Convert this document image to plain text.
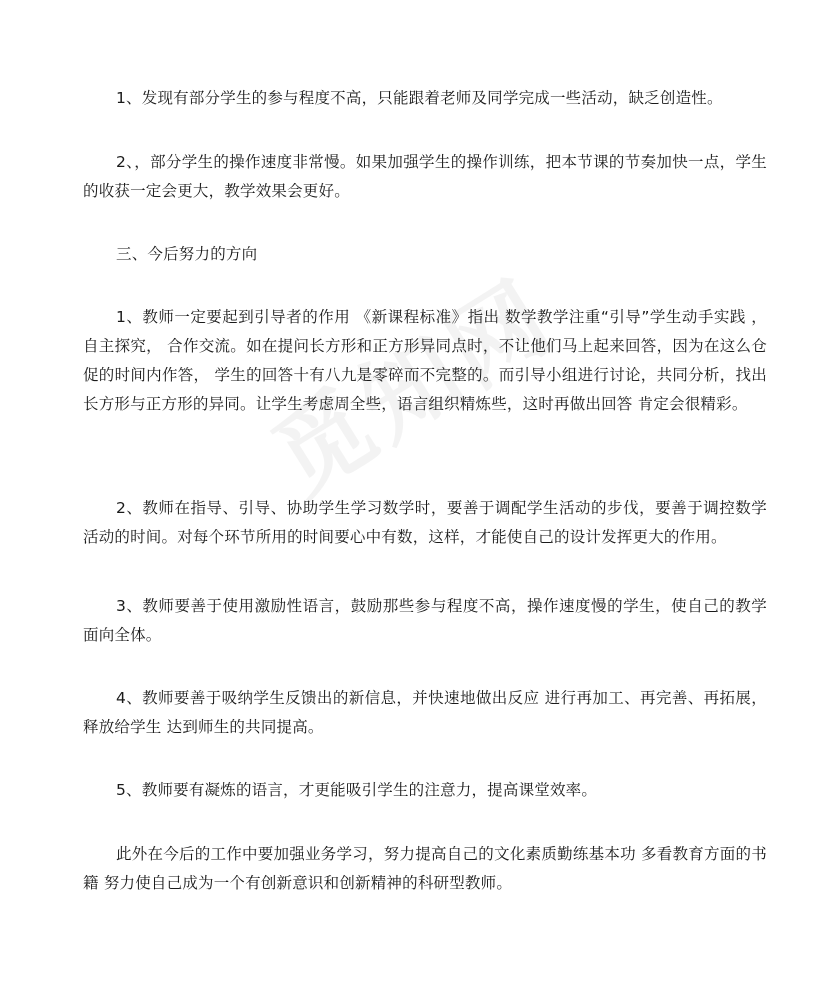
1、发现有部分学生的参与程度不高，只能跟着老师及同学完成一些活动，缺乏创造性。

2、，部分学生的操作速度非常慢。如果加强学生的操作训练，把本节课的节奏加快一点，学生的收获一定会更大，教学效果会更好。

三、今后努力的方向

1、教师一定要起到引导者的作用 《新课程标准》指出 数学教学注重“引导”学生动手实践 ，自主探究， 合作交流。如在提问长方形和正方形异同点时，不让他们马上起来回答，因为在这么仓促的时间内作答， 学生的回答十有八九是零碎而不完整的。而引导小组进行讨论，共同分析，找出长方形与正方形的异同。让学生考虑周全些，语言组织精炼些，这时再做出回答 肯定会很精彩。

2、教师在指导、引导、协助学生学习数学时，要善于调配学生活动的步伐，要善于调控数学活动的时间。对每个环节所用的时间要心中有数，这样，才能使自己的设计发挥更大的作用。

3、教师要善于使用激励性语言，鼓励那些参与程度不高，操作速度慢的学生，使自己的教学面向全体。

4、教师要善于吸纳学生反馈出的新信息，并快速地做出反应 进行再加工、再完善、再拓展，释放给学生 达到师生的共同提高。

5、教师要有凝炼的语言，才更能吸引学生的注意力，提高课堂效率。

此外在今后的工作中要加强业务学习，努力提高自己的文化素质勤练基本功 多看教育方面的书籍 努力使自己成为一个有创新意识和创新精神的科研型教师。
